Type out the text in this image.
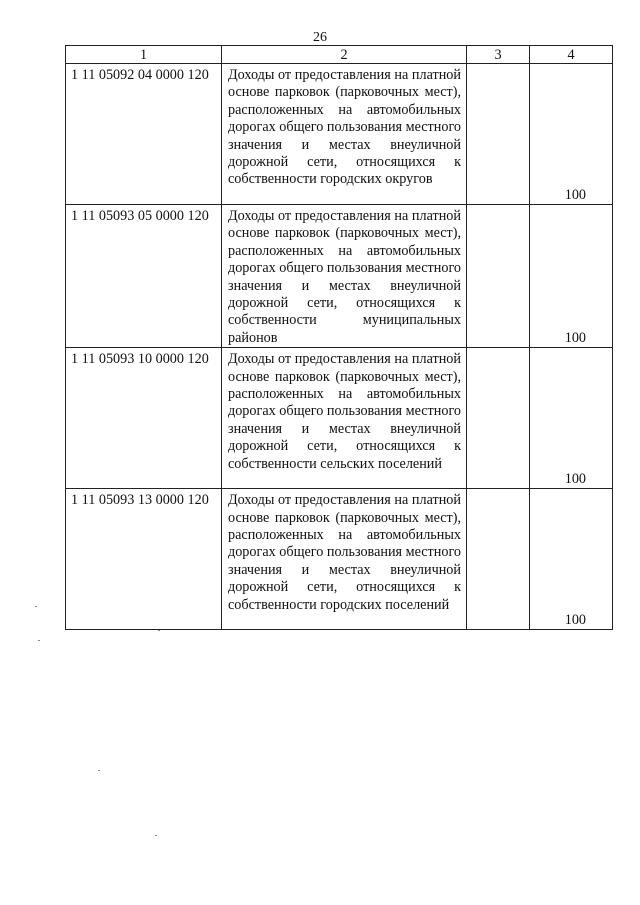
26
1	2	3	4
1 11 05092 04 0000 120	Доходы от предоставления на платной основе парковок (парковочных мест), расположенных на автомобильных дорогах общего пользования местного значения и местах внеуличной дорожной сети, относящихся к собственности городских округов		100
1 11 05093 05 0000 120	Доходы от предоставления на платной основе парковок (парковочных мест), расположенных на автомобильных дорогах общего пользования местного значения и местах внеуличной дорожной сети, относящихся к собственности муниципальных районов		100
1 11 05093 10 0000 120	Доходы от предоставления на платной основе парковок (парковочных мест), расположенных на автомобильных дорогах общего пользования местного значения и местах внеуличной дорожной сети, относящихся к собственности сельских поселений		100
1 11 05093 13 0000 120	Доходы от предоставления на платной основе парковок (парковочных мест), расположенных на автомобильных дорогах общего пользования местного значения и местах внеуличной дорожной сети, относящихся к собственности городских поселений		100
